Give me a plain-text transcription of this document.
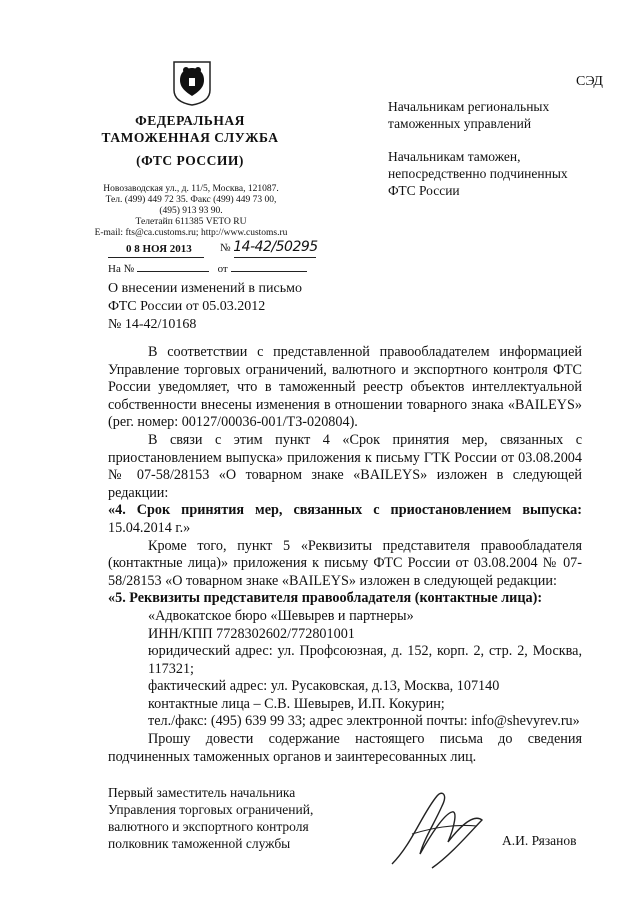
ФЕДЕРАЛЬНАЯ
ТАМОЖЕННАЯ СЛУЖБА
(ФТС РОССИИ)
Новозаводская ул., д. 11/5, Москва, 121087.
Тел. (499) 449 72 35. Факс (499) 449 73 00,
(495) 913 93 90.
Телетайп 611385 VETO RU
E-mail: fts@ca.customs.ru; http://www.customs.ru
0 8 НОЯ 2013	№ 14-42/50295
На №	от
О внесении изменений в письмо
ФТС России от 05.03.2012
№ 14-42/10168
СЭД

Начальникам региональных таможенных управлений

Начальникам таможен, непосредственно подчиненных ФТС России

В соответствии с представленной правообладателем информацией Управление торговых ограничений, валютного и экспортного контроля ФТС России уведомляет, что в таможенный реестр объектов интеллектуальной собственности внесены изменения в отношении товарного знака «BAILEYS» (рег. номер: 00127/00036-001/ТЗ-020804).

В связи с этим пункт 4 «Срок принятия мер, связанных с приостановлением выпуска» приложения к письму ГТК России от 03.08.2004 № 07-58/28153 «О товарном знаке «BAILEYS» изложен в следующей редакции:

«4. Срок принятия мер, связанных с приостановлением выпуска: 15.04.2014 г.»

Кроме того, пункт 5 «Реквизиты представителя правообладателя (контактные лица)» приложения к письму ФТС России от 03.08.2004 № 07-58/28153 «О товарном знаке «BAILEYS» изложен в следующей редакции:

«5. Реквизиты представителя правообладателя (контактные лица):

«Адвокатское бюро «Шевырев и партнеры»

ИНН/КПП 7728302602/772801001

юридический адрес: ул. Профсоюзная, д. 152, корп. 2, стр. 2, Москва, 117321;

фактический адрес: ул. Русаковская, д.13, Москва, 107140

контактные лица – С.В. Шевырев, И.П. Кокурин;

тел./факс: (495) 639 99 33; адрес электронной почты: info@shevyrev.ru»

Прошу довести содержание настоящего письма до сведения подчиненных таможенных органов и заинтересованных лиц.

Первый заместитель начальника
Управления торговых ограничений,
валютного и экспортного контроля
полковник таможенной службы	А.И. Рязанов
